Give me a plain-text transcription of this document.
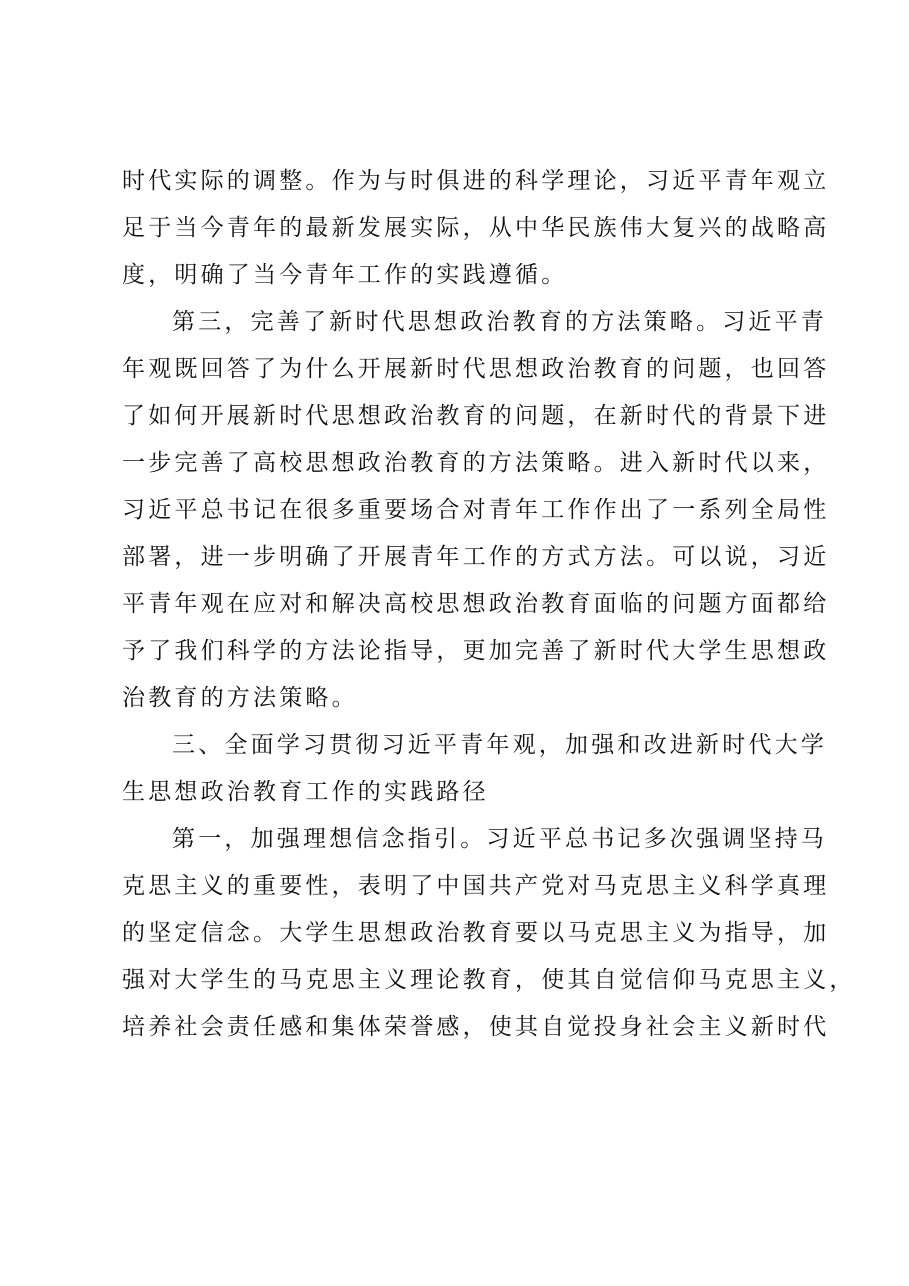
时代实际的调整。作为与时俱进的科学理论，习近平青年观立
足于当今青年的最新发展实际，从中华民族伟大复兴的战略高
度，明确了当今青年工作的实践遵循。
第三，完善了新时代思想政治教育的方法策略。习近平青
年观既回答了为什么开展新时代思想政治教育的问题，也回答
了如何开展新时代思想政治教育的问题，在新时代的背景下进
一步完善了高校思想政治教育的方法策略。进入新时代以来，
习近平总书记在很多重要场合对青年工作作出了一系列全局性
部署，进一步明确了开展青年工作的方式方法。可以说，习近
平青年观在应对和解决高校思想政治教育面临的问题方面都给
予了我们科学的方法论指导，更加完善了新时代大学生思想政
治教育的方法策略。
三、全面学习贯彻习近平青年观，加强和改进新时代大学
生思想政治教育工作的实践路径
第一，加强理想信念指引。习近平总书记多次强调坚持马
克思主义的重要性，表明了中国共产党对马克思主义科学真理
的坚定信念。大学生思想政治教育要以马克思主义为指导，加
强对大学生的马克思主义理论教育，使其自觉信仰马克思主义，
培养社会责任感和集体荣誉感，使其自觉投身社会主义新时代
